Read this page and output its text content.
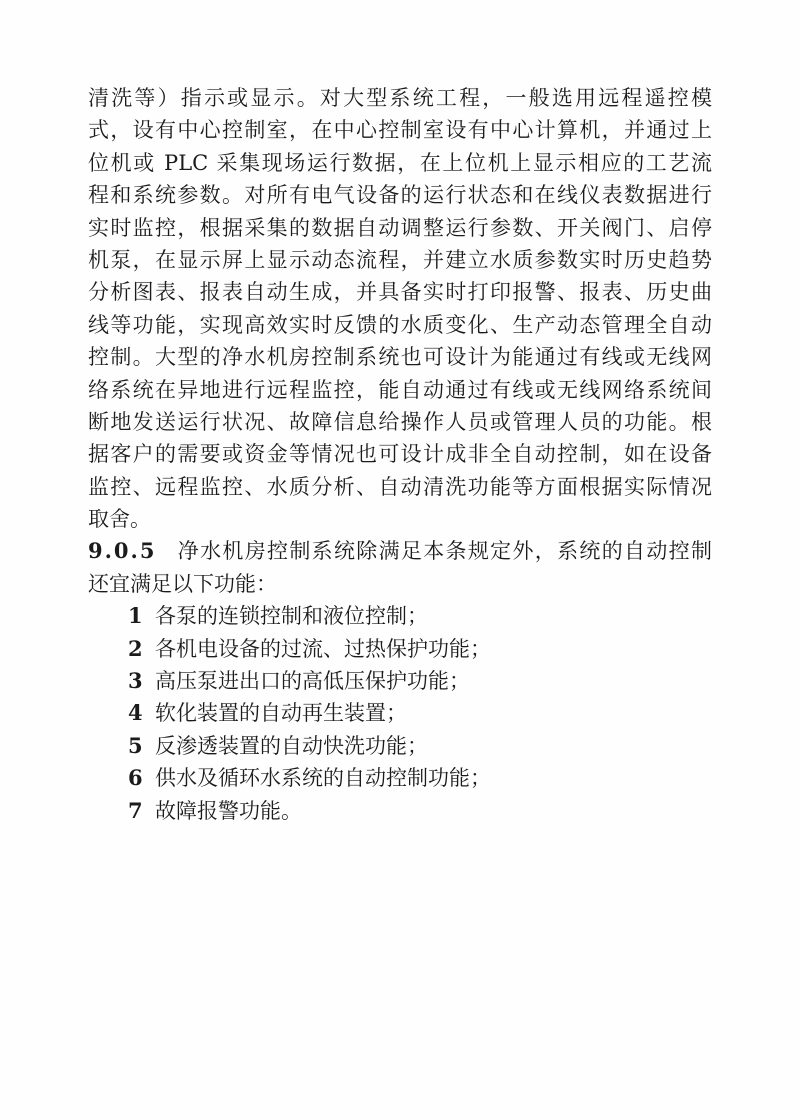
清洗等）指示或显示。对大型系统工程，一般选用远程遥控模
式，设有中心控制室，在中心控制室设有中心计算机，并通过上
位机或 PLC 采集现场运行数据，在上位机上显示相应的工艺流
程和系统参数。对所有电气设备的运行状态和在线仪表数据进行
实时监控，根据采集的数据自动调整运行参数、开关阀门、启停
机泵，在显示屏上显示动态流程，并建立水质参数实时历史趋势
分析图表、报表自动生成，并具备实时打印报警、报表、历史曲
线等功能，实现高效实时反馈的水质变化、生产动态管理全自动
控制。大型的净水机房控制系统也可设计为能通过有线或无线网
络系统在异地进行远程监控，能自动通过有线或无线网络系统间
断地发送运行状况、故障信息给操作人员或管理人员的功能。根
据客户的需要或资金等情况也可设计成非全自动控制，如在设备
监控、远程监控、水质分析、自动清洗功能等方面根据实际情况
取舍。
9.0.5 净水机房控制系统除满足本条规定外，系统的自动控制
还宜满足以下功能：
1 各泵的连锁控制和液位控制；
2 各机电设备的过流、过热保护功能；
3 高压泵进出口的高低压保护功能；
4 软化装置的自动再生装置；
5 反渗透装置的自动快洗功能；
6 供水及循环水系统的自动控制功能；
7 故障报警功能。
